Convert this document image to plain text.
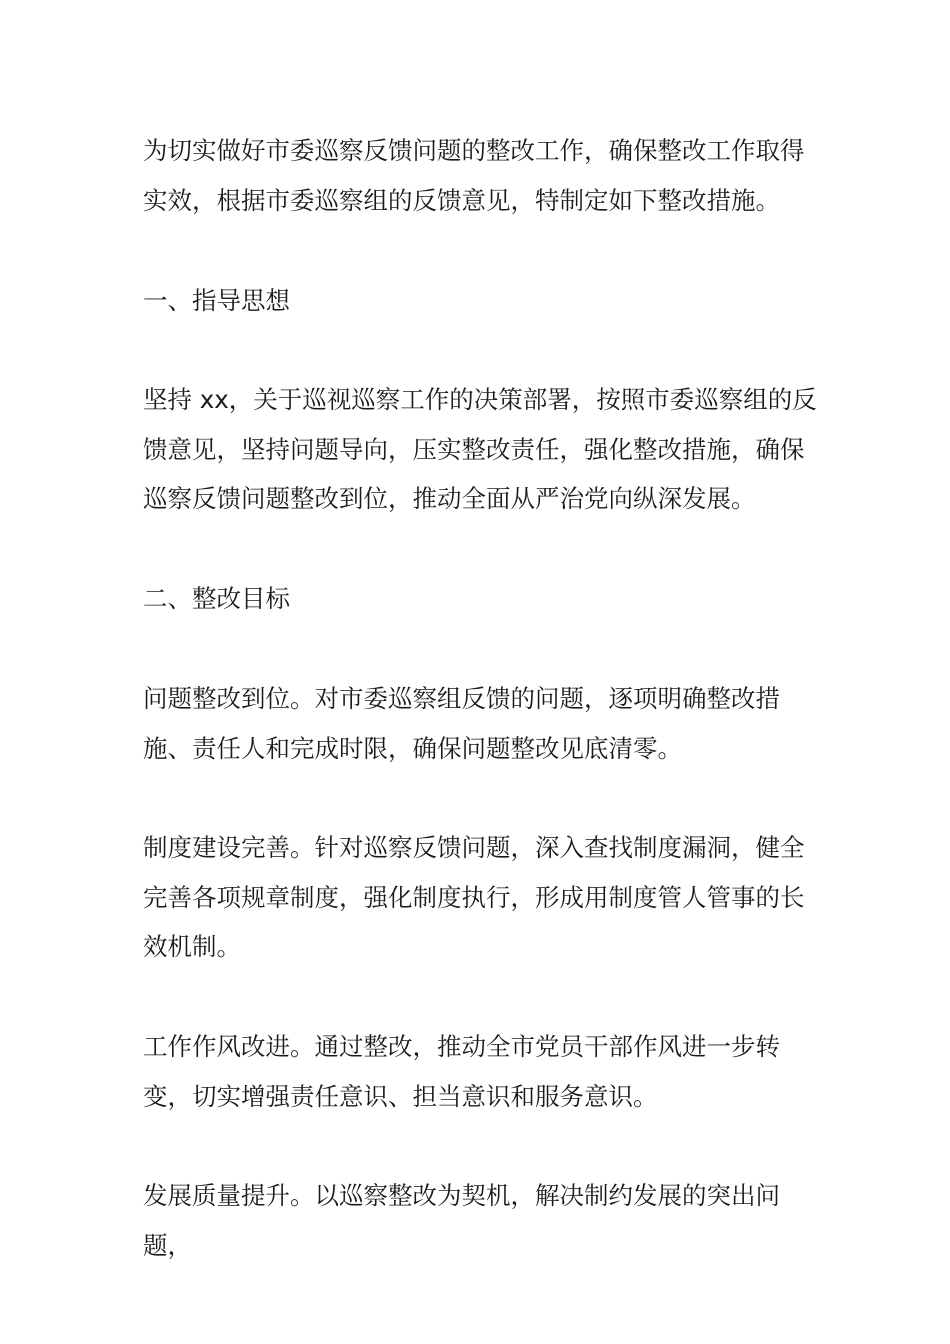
为切实做好市委巡察反馈问题的整改工作，确保整改工作取得实效，根据市委巡察组的反馈意见，特制定如下整改措施。

一、指导思想

坚持 xx，关于巡视巡察工作的决策部署，按照市委巡察组的反馈意见，坚持问题导向，压实整改责任，强化整改措施，确保巡察反馈问题整改到位，推动全面从严治党向纵深发展。

二、整改目标

问题整改到位。对市委巡察组反馈的问题，逐项明确整改措施、责任人和完成时限，确保问题整改见底清零。

制度建设完善。针对巡察反馈问题，深入查找制度漏洞，健全完善各项规章制度，强化制度执行，形成用制度管人管事的长效机制。

工作作风改进。通过整改，推动全市党员干部作风进一步转变，切实增强责任意识、担当意识和服务意识。

发展质量提升。以巡察整改为契机，解决制约发展的突出问题，
